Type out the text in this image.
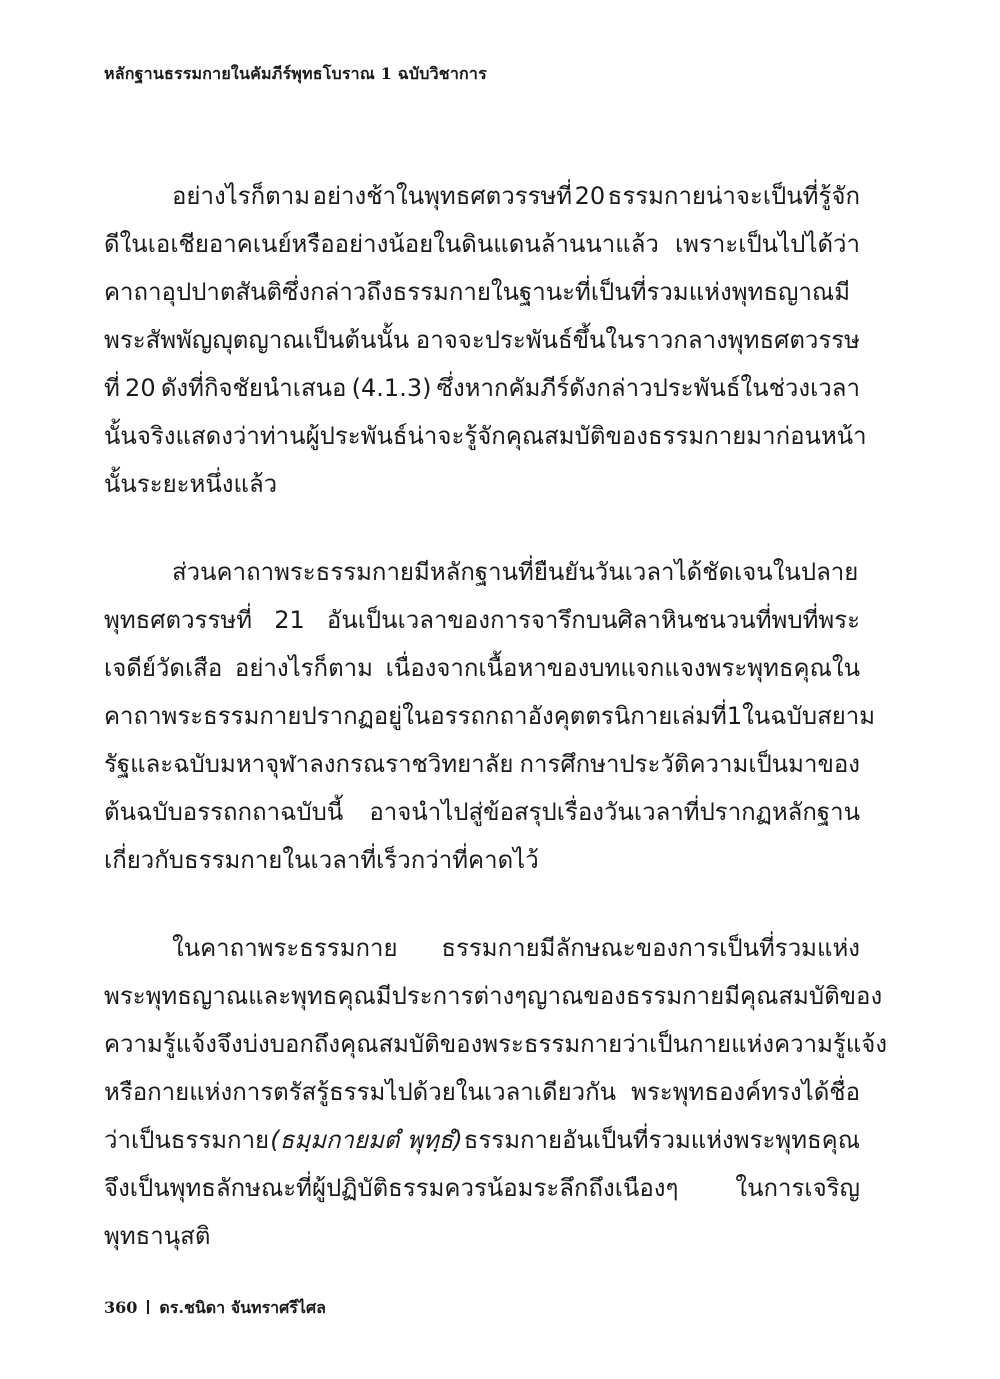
หลักฐานธรรมกายในคัมภีร์พุทธโบราณ 1 ฉบับวิชาการ
อย่างไรก็ตาม อย่างช้าในพุทธศตวรรษที่ 20 ธรรมกายน่าจะเป็นที่รู้จัก
ดีในเอเชียอาคเนย์หรืออย่างน้อยในดินแดนล้านนาแล้ว เพราะเป็นไปได้ว่า
คาถาอุปปาตสันติซึ่งกล่าวถึงธรรมกายในฐานะที่เป็นที่รวมแห่งพุทธญาณมี
พระสัพพัญญุตญาณเป็นต้นนั้น อาจจะประพันธ์ขึ้นในราวกลางพุทธศตวรรษ
ที่ 20 ดังที่กิจชัยนำเสนอ (4.1.3) ซึ่งหากคัมภีร์ดังกล่าวประพันธ์ในช่วงเวลา
นั้นจริง แสดงว่าท่านผู้ประพันธ์น่าจะรู้จักคุณสมบัติของธรรมกายมาก่อนหน้า
นั้นระยะหนึ่งแล้ว
ส่วนคาถาพระธรรมกายมีหลักฐานที่ยืนยันวันเวลาได้ชัดเจนในปลาย
พุทธศตวรรษที่ 21 อันเป็นเวลาของการจารึกบนศิลาหินชนวนที่พบที่พระ
เจดีย์วัดเสือ อย่างไรก็ตาม เนื่องจากเนื้อหาของบทแจกแจงพระพุทธคุณใน
คาถาพระธรรมกายปรากฏอยู่ในอรรถกถาอังคุตตรนิกายเล่มที่ 1 ในฉบับสยาม
รัฐและฉบับมหาจุฬาลงกรณราชวิทยาลัย การศึกษาประวัติความเป็นมาของ
ต้นฉบับอรรถกถาฉบับนี้ อาจนำไปสู่ข้อสรุปเรื่องวันเวลาที่ปรากฏหลักฐาน
เกี่ยวกับธรรมกายในเวลาที่เร็วกว่าที่คาดไว้
ในคาถาพระธรรมกาย ธรรมกายมีลักษณะของการเป็นที่รวมแห่ง
พระพุทธญาณและพุทธคุณมีประการต่างๆ ญาณของธรรมกายมีคุณสมบัติของ
ความรู้แจ้ง จึงบ่งบอกถึงคุณสมบัติของพระธรรมกายว่าเป็นกายแห่งความรู้แจ้ง
หรือกายแห่งการตรัสรู้ธรรมไปด้วยในเวลาเดียวกัน พระพุทธองค์ทรงได้ชื่อ
ว่าเป็นธรรมกาย (ธมฺมกายมตํ พุทฺธํ) ธรรมกายอันเป็นที่รวมแห่งพระพุทธคุณ
จึงเป็นพุทธลักษณะที่ผู้ปฏิบัติธรรมควรน้อมระลึกถึงเนืองๆ ในการเจริญ
พุทธานุสติ
360 ดร.ชนิดา จันทราศรีไศล
